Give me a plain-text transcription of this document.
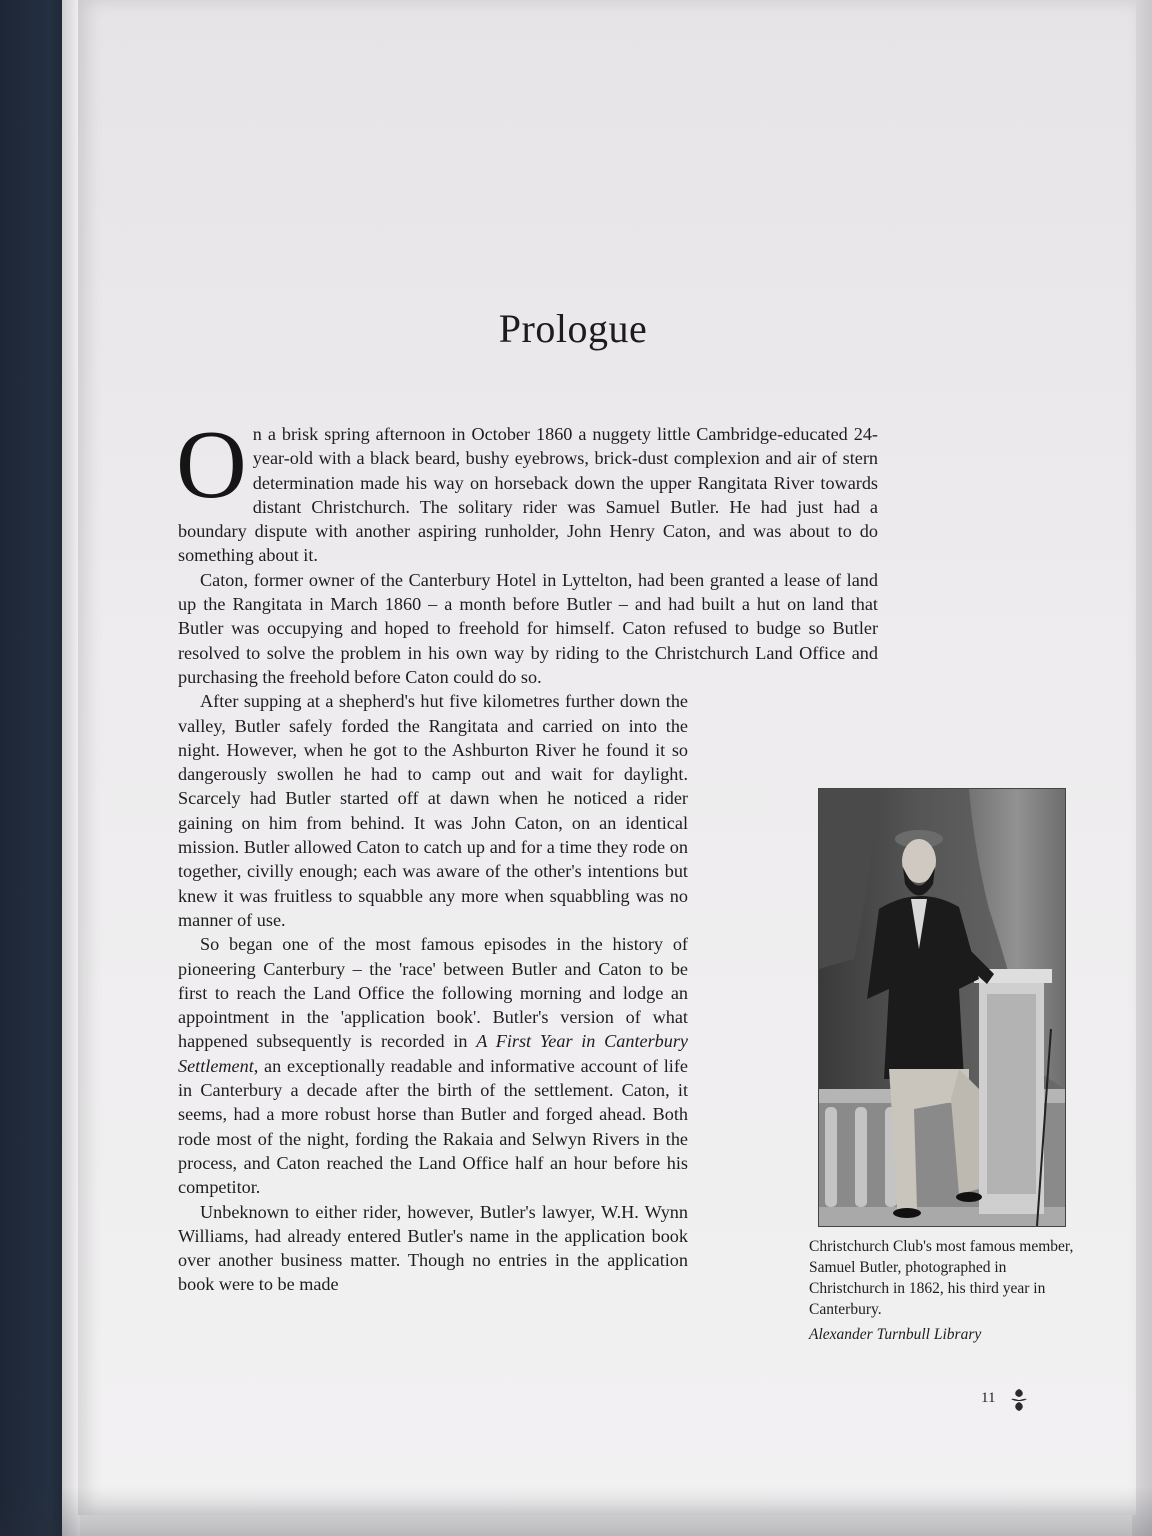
Prologue

On a brisk spring afternoon in October 1860 a nuggety little Cambridge-educated 24-year-old with a black beard, bushy eyebrows, brick-dust complexion and air of stern determination made his way on horseback down the upper Rangitata River towards distant Christchurch. The solitary rider was Samuel Butler. He had just had a boundary dispute with another aspiring runholder, John Henry Caton, and was about to do something about it.

Caton, former owner of the Canterbury Hotel in Lyttelton, had been granted a lease of land up the Rangitata in March 1860 – a month before Butler – and had built a hut on land that Butler was occupying and hoped to freehold for himself. Caton refused to budge so Butler resolved to solve the problem in his own way by riding to the Christchurch Land Office and purchasing the freehold before Caton could do so.

After supping at a shepherd's hut five kilometres further down the valley, Butler safely forded the Rangitata and carried on into the night. However, when he got to the Ashburton River he found it so dangerously swollen he had to camp out and wait for daylight. Scarcely had Butler started off at dawn when he noticed a rider gaining on him from behind. It was John Caton, on an identical mission. Butler allowed Caton to catch up and for a time they rode on together, civilly enough; each was aware of the other's intentions but knew it was fruitless to squabble any more when squabbling was no manner of use.

So began one of the most famous episodes in the history of pioneering Canterbury – the 'race' between Butler and Caton to be first to reach the Land Office the following morning and lodge an appointment in the 'application book'. Butler's version of what happened subsequently is recorded in A First Year in Canterbury Settlement, an exceptionally readable and informative account of life in Canterbury a decade after the birth of the settlement. Caton, it seems, had a more robust horse than Butler and forged ahead. Both rode most of the night, fording the Rakaia and Selwyn Rivers in the process, and Caton reached the Land Office half an hour before his competitor.

Unbeknown to either rider, however, Butler's lawyer, W.H. Wynn Williams, had already entered Butler's name in the application book over another business matter. Though no entries in the application book were to be made

Christchurch Club's most famous member, Samuel Butler, photographed in Christchurch in 1862, his third year in Canterbury.
Alexander Turnbull Library
11
